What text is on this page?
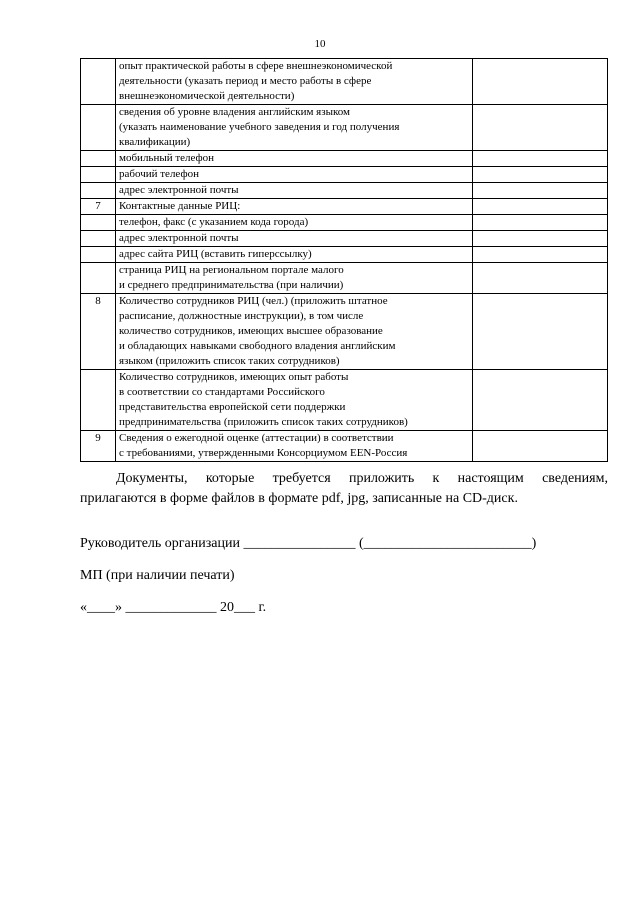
10

	опыт практической работы в сфере внешнеэкономической
деятельности (указать период и место работы в сфере
внешнеэкономической деятельности)	

	сведения об уровне владения английским языком
(указать наименование учебного заведения и год получения
квалификации)	

	мобильный телефон	

	рабочий телефон	

	адрес электронной почты	

7	Контактные данные РИЦ:	

	телефон, факс (с указанием кода города)	

	адрес электронной почты	

	адрес сайта РИЦ (вставить гиперссылку)	

	страница РИЦ на региональном портале малого
и среднего предпринимательства (при наличии)	

8	Количество сотрудников РИЦ (чел.) (приложить штатное
расписание, должностные инструкции), в том числе
количество сотрудников, имеющих высшее образование
и обладающих навыками свободного владения английским
языком (приложить список таких сотрудников)	

	Количество сотрудников, имеющих опыт работы
в соответствии со стандартами Российского
представительства европейской сети поддержки
предпринимательства (приложить список таких сотрудников)	

9	Сведения о ежегодной оценке (аттестации) в соответствии
с требованиями, утвержденными Консорциумом EEN-Россия	

Документы, которые требуется приложить к настоящим сведениям,
прилагаются в форме файлов в формате pdf, jpg, записанные на CD-диск.
Руководитель организации ________________ (________________________)
МП (при наличии печати)
«____» _____________ 20___ г.
